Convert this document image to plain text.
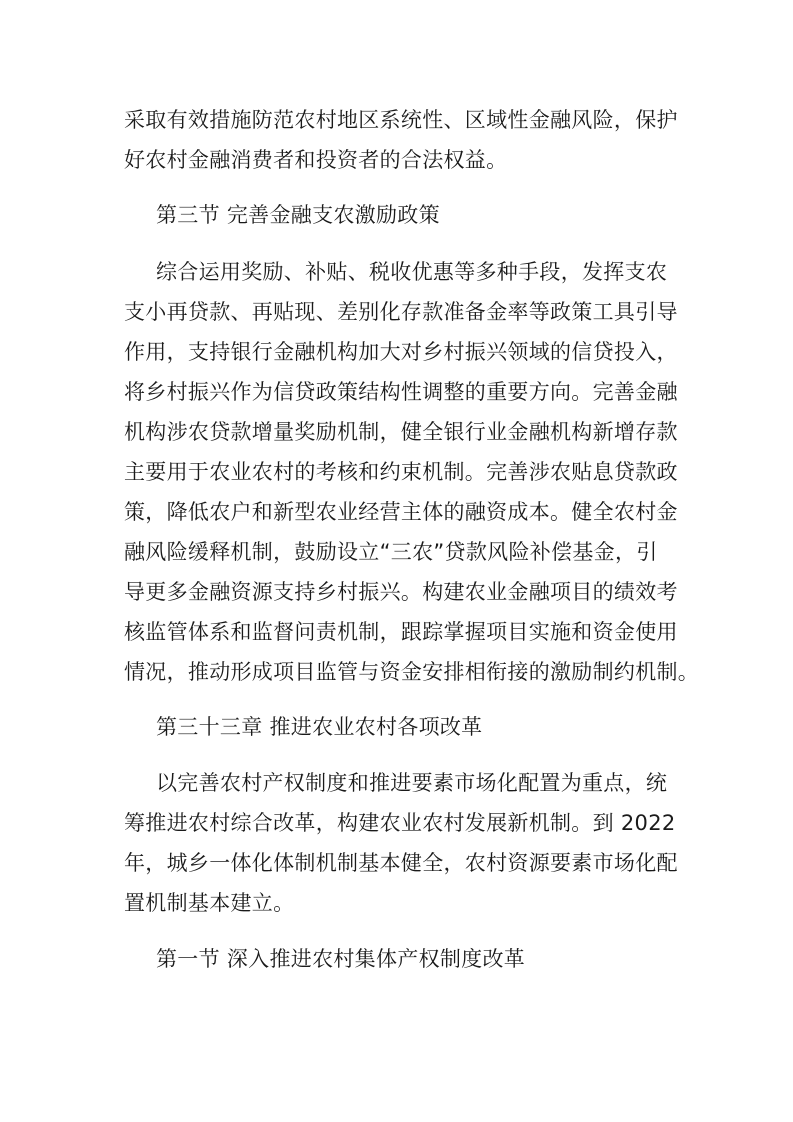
采取有效措施防范农村地区系统性、区域性金融风险，保护

好农村金融消费者和投资者的合法权益。

第三节 完善金融支农激励政策

综合运用奖励、补贴、税收优惠等多种手段，发挥支农

支小再贷款、再贴现、差别化存款准备金率等政策工具引导

作用，支持银行金融机构加大对乡村振兴领域的信贷投入，

将乡村振兴作为信贷政策结构性调整的重要方向。完善金融

机构涉农贷款增量奖励机制，健全银行业金融机构新增存款

主要用于农业农村的考核和约束机制。完善涉农贴息贷款政

策，降低农户和新型农业经营主体的融资成本。健全农村金

融风险缓释机制，鼓励设立“三农”贷款风险补偿基金，引

导更多金融资源支持乡村振兴。构建农业金融项目的绩效考

核监管体系和监督问责机制，跟踪掌握项目实施和资金使用

情况，推动形成项目监管与资金安排相衔接的激励制约机制。

第三十三章 推进农业农村各项改革

以完善农村产权制度和推进要素市场化配置为重点，统

筹推进农村综合改革，构建农业农村发展新机制。到 2022

年，城乡一体化体制机制基本健全，农村资源要素市场化配

置机制基本建立。

第一节 深入推进农村集体产权制度改革
